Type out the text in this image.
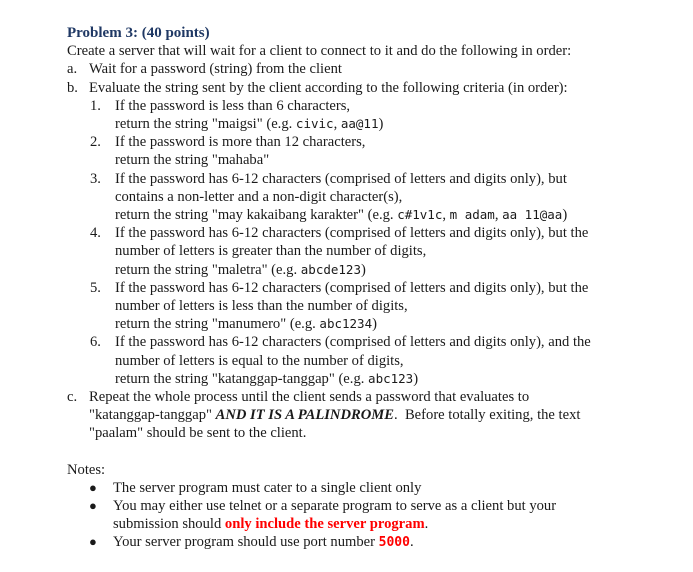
Problem 3: (40 points)
Create a server that will wait for a client to connect to it and do the following in order:
a. Wait for a password (string) from the client
b. Evaluate the string sent by the client according to the following criteria (in order):
1. If the password is less than 6 characters,
return the string "maigsi" (e.g. civic, aa@11)
2. If the password is more than 12 characters,
return the string "mahaba"
3. If the password has 6-12 characters (comprised of letters and digits only), but
contains a non-letter and a non-digit character(s),
return the string "may kakaibang karakter" (e.g. c#1v1c, m adam, aa 11@aa)
4. If the password has 6-12 characters (comprised of letters and digits only), but the
number of letters is greater than the number of digits,
return the string "maletra" (e.g. abcde123)
5. If the password has 6-12 characters (comprised of letters and digits only), but the
number of letters is less than the number of digits,
return the string "manumero" (e.g. abc1234)
6. If the password has 6-12 characters (comprised of letters and digits only), and the
number of letters is equal to the number of digits,
return the string "katanggap-tanggap" (e.g. abc123)
c. Repeat the whole process until the client sends a password that evaluates to
"katanggap-tanggap" AND IT IS A PALINDROME.  Before totally exiting, the text
"paalam" should be sent to the client.
Notes:
●	The server program must cater to a single client only
●	You may either use telnet or a separate program to serve as a client but your
submission should only include the server program.
●	Your server program should use port number 5000.
